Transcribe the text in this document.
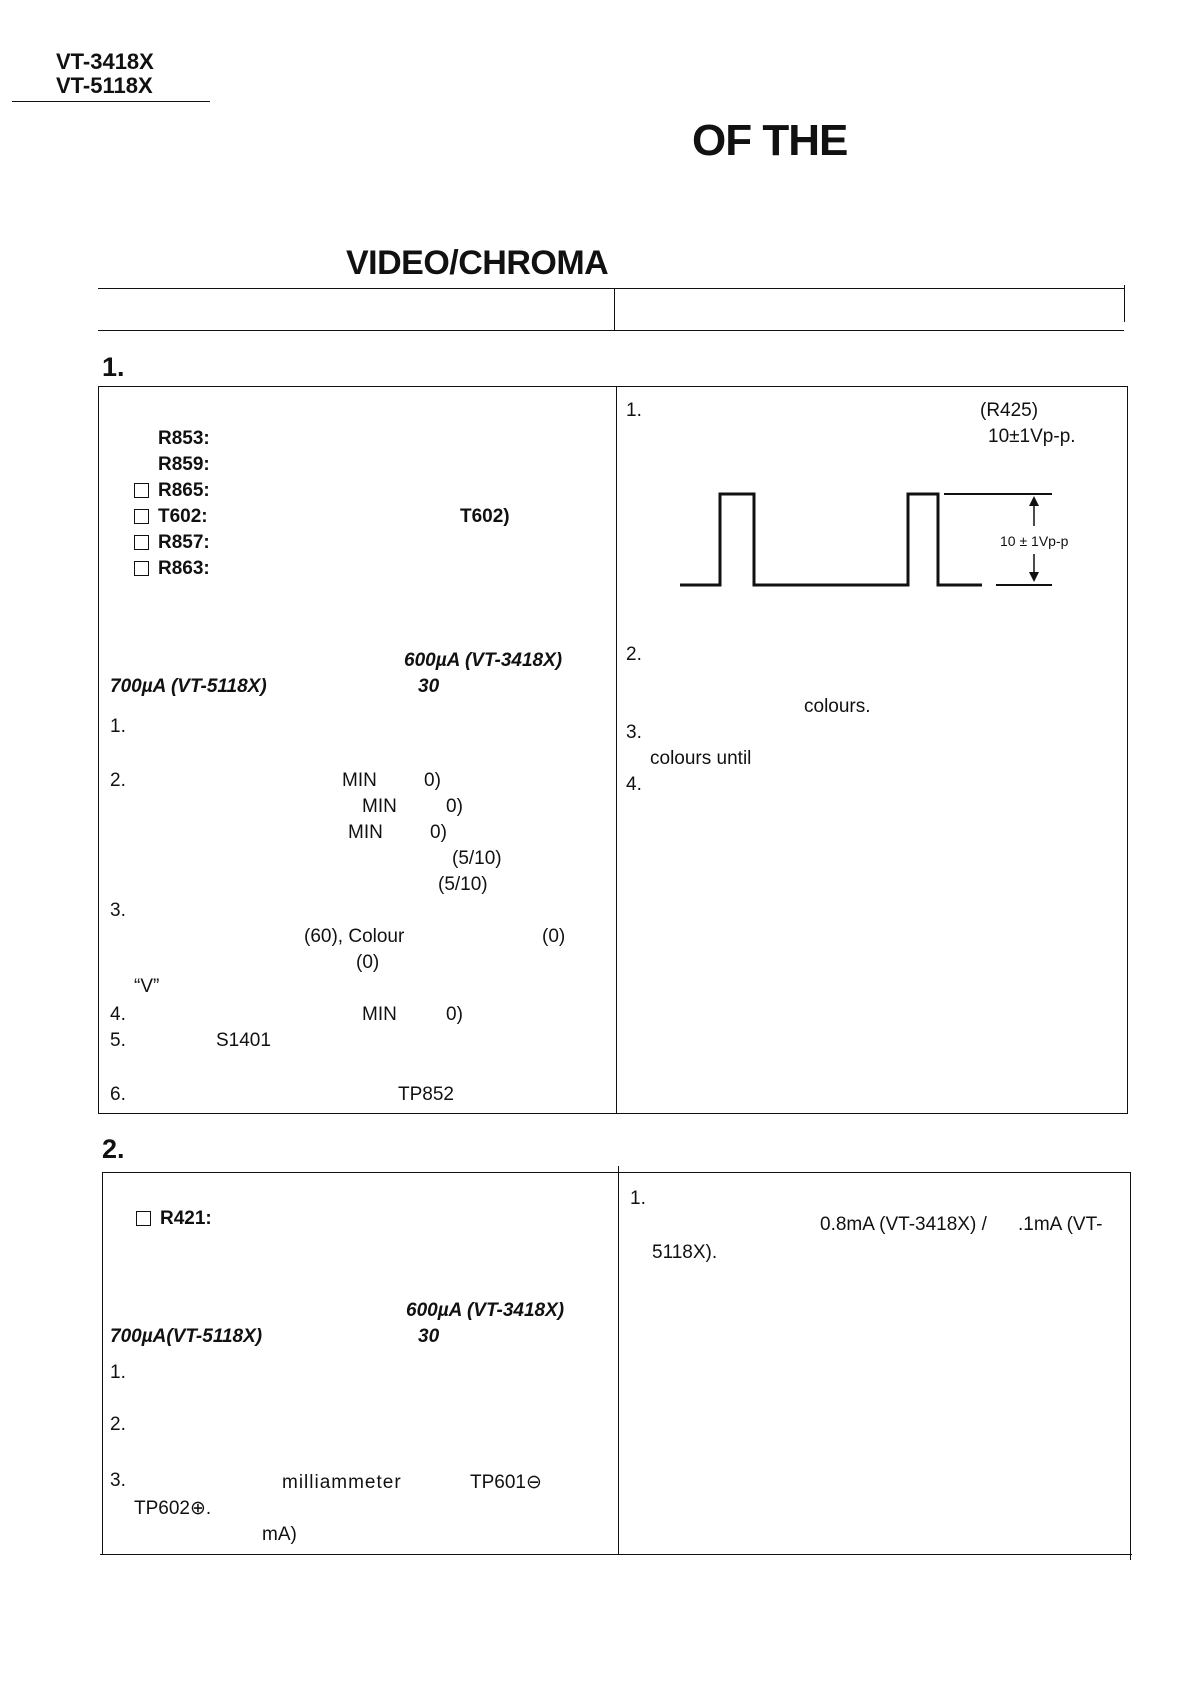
VT-3418X
VT-5118X
OF THE
VIDEO/CHROMA
1.
R853:
R859:
R865:
T602:	T602)
R857:
R863:
600µA (VT-3418X)
700µA (VT-5118X)	30
1.
2.	MIN 0)
MIN	0)
MIN 0)
(5/10)
(5/10)
3.
(60), Colour	(0)
(0)
“V”
4.	MIN	0)
5.	S1401
6.	TP852
1.	(R425)
10±1Vp-p.
10 ± 1Vp-p
2.
colours.
3.
colours until
4.
2.
R421:
600µA (VT-3418X)
700µA(VT-5118X)	30
1.
2.
3.	milliammeter	TP601⊖
TP602⊕.
mA)
1.
0.8mA (VT-3418X) / .1mA (VT-
5118X).
